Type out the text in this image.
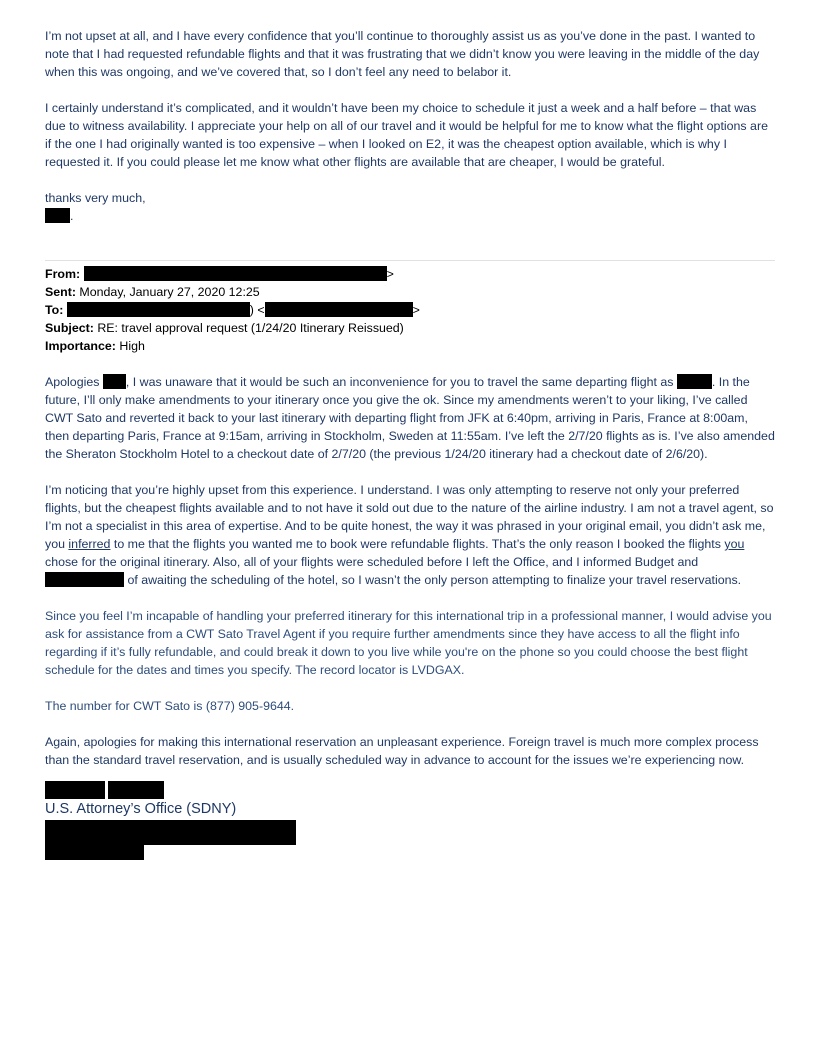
I’m not upset at all, and I have every confidence that you’ll continue to thoroughly assist us as you’ve done in the past. I wanted to note that I had requested refundable flights and that it was frustrating that we didn’t know you were leaving in the middle of the day when this was ongoing, and we’ve covered that, so I don’t feel any need to belabor it.

I certainly understand it’s complicated, and it wouldn’t have been my choice to schedule it just a week and a half before – that was due to witness availability. I appreciate your help on all of our travel and it would be helpful for me to know what the flight options are if the one I had originally wanted is too expensive – when I looked on E2, it was the cheapest option available, which is why I requested it. If you could please let me know what other flights are available that are cheaper, I would be grateful.

thanks very much,

.

From:	>

Sent: Monday, January 27, 2020 12:25

To:	) <	>

Subject: RE: travel approval request (1/24/20 Itinerary Reissued)

Importance: High

Apologies , I was unaware that it would be such an inconvenience for you to travel the same departing flight as	. In the future, I’ll only make amendments to your itinerary once you give the ok. Since my amendments weren’t to your liking, I’ve called CWT Sato and reverted it back to your last itinerary with departing flight from JFK at 6:40pm, arriving in Paris, France at 8:00am, then departing Paris, France at 9:15am, arriving in Stockholm, Sweden at 11:55am. I’ve left the 2/7/20 flights as is. I’ve also amended the Sheraton Stockholm Hotel to a checkout date of 2/7/20 (the previous 1/24/20 itinerary had a checkout date of 2/6/20).

I’m noticing that you’re highly upset from this experience. I understand. I was only attempting to reserve not only your preferred flights, but the cheapest flights available and to not have it sold out due to the nature of the airline industry. I am not a travel agent, so I’m not a specialist in this area of expertise. And to be quite honest, the way it was phrased in your original email, you didn’t ask me, you inferred to me that the flights you wanted me to book were refundable flights. That’s the only reason I booked the flights you chose for the original itinerary. Also, all of your flights were scheduled before I left the Office, and I informed Budget and  of awaiting the scheduling of the hotel, so I wasn’t the only person attempting to finalize your travel reservations.

Since you feel I’m incapable of handling your preferred itinerary for this international trip in a professional manner, I would advise you ask for assistance from a CWT Sato Travel Agent if you require further amendments since they have access to all the flight info regarding if it’s fully refundable, and could break it down to you live while you're on the phone so you could choose the best flight schedule for the dates and times you specify. The record locator is LVDGAX.

The number for CWT Sato is (877) 905-9644.

Again, apologies for making this international reservation an unpleasant experience. Foreign travel is much more complex process than the standard travel reservation, and is usually scheduled way in advance to account for the issues we’re experiencing now.

U.S. Attorney’s Office (SDNY)
